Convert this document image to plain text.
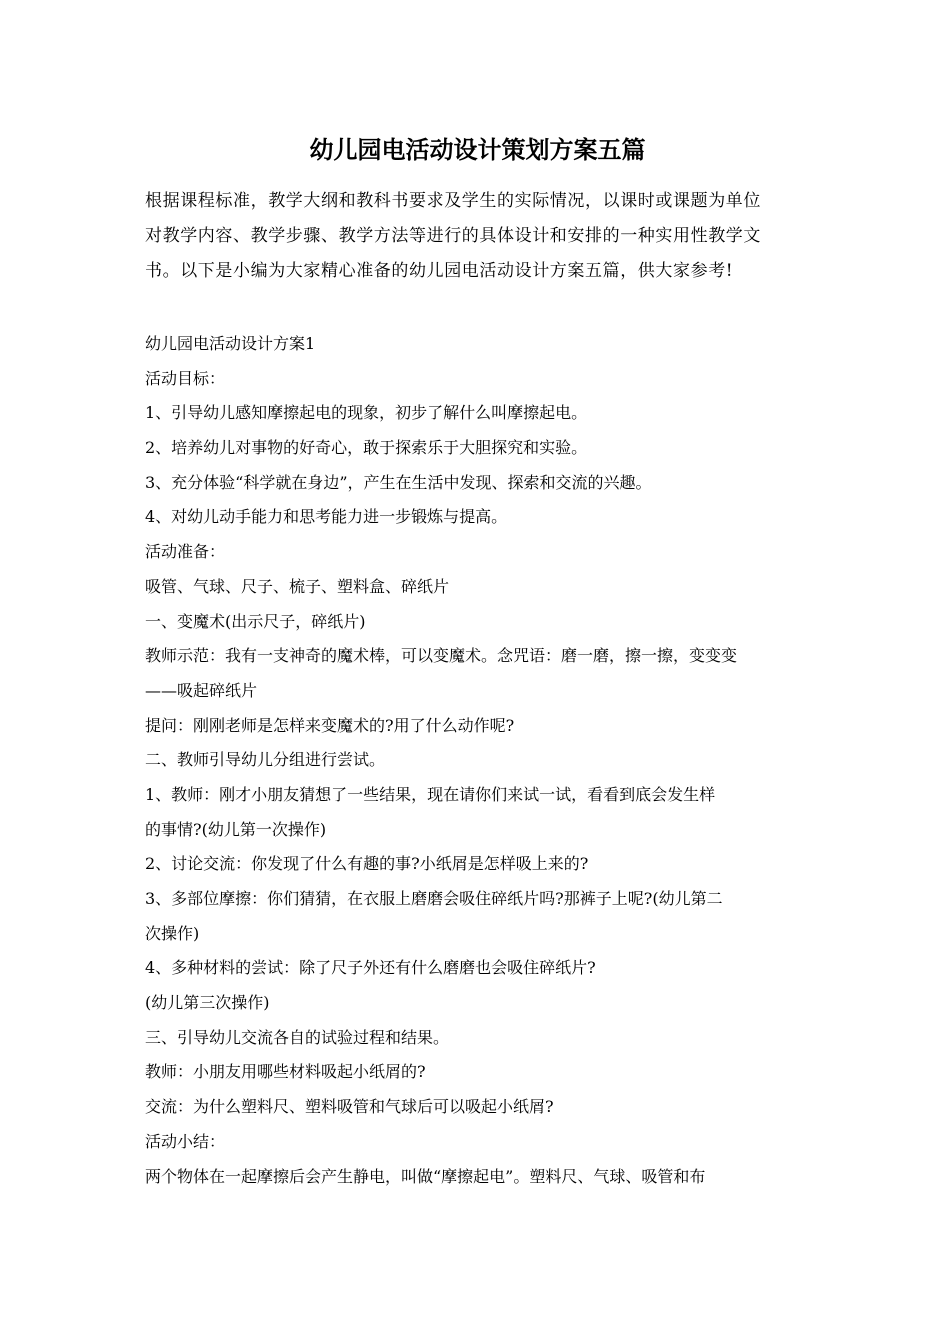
幼儿园电活动设计策划方案五篇
根据课程标准，教学大纲和教科书要求及学生的实际情况，以课时或课题为单位
对教学内容、教学步骤、教学方法等进行的具体设计和安排的一种实用性教学文
书。以下是小编为大家精心准备的幼儿园电活动设计方案五篇，供大家参考!
幼儿园电活动设计方案1
活动目标：
1、引导幼儿感知摩擦起电的现象，初步了解什么叫摩擦起电。
2、培养幼儿对事物的好奇心，敢于探索乐于大胆探究和实验。
3、充分体验“科学就在身边”，产生在生活中发现、探索和交流的兴趣。
4、对幼儿动手能力和思考能力进一步锻炼与提高。
活动准备：
吸管、气球、尺子、梳子、塑料盒、碎纸片
一、变魔术(出示尺子，碎纸片)
教师示范：我有一支神奇的魔术棒，可以变魔术。念咒语：磨一磨，擦一擦，变变变
——吸起碎纸片
提问：刚刚老师是怎样来变魔术的?用了什么动作呢?
二、教师引导幼儿分组进行尝试。
1、教师：刚才小朋友猜想了一些结果，现在请你们来试一试，看看到底会发生样
的事情?(幼儿第一次操作)
2、讨论交流：你发现了什么有趣的事?小纸屑是怎样吸上来的?
3、多部位摩擦：你们猜猜，在衣服上磨磨会吸住碎纸片吗?那裤子上呢?(幼儿第二
次操作)
4、多种材料的尝试：除了尺子外还有什么磨磨也会吸住碎纸片?
(幼儿第三次操作)
三、引导幼儿交流各自的试验过程和结果。
教师：小朋友用哪些材料吸起小纸屑的?
交流：为什么塑料尺、塑料吸管和气球后可以吸起小纸屑?
活动小结：
两个物体在一起摩擦后会产生静电，叫做“摩擦起电”。塑料尺、气球、吸管和布
